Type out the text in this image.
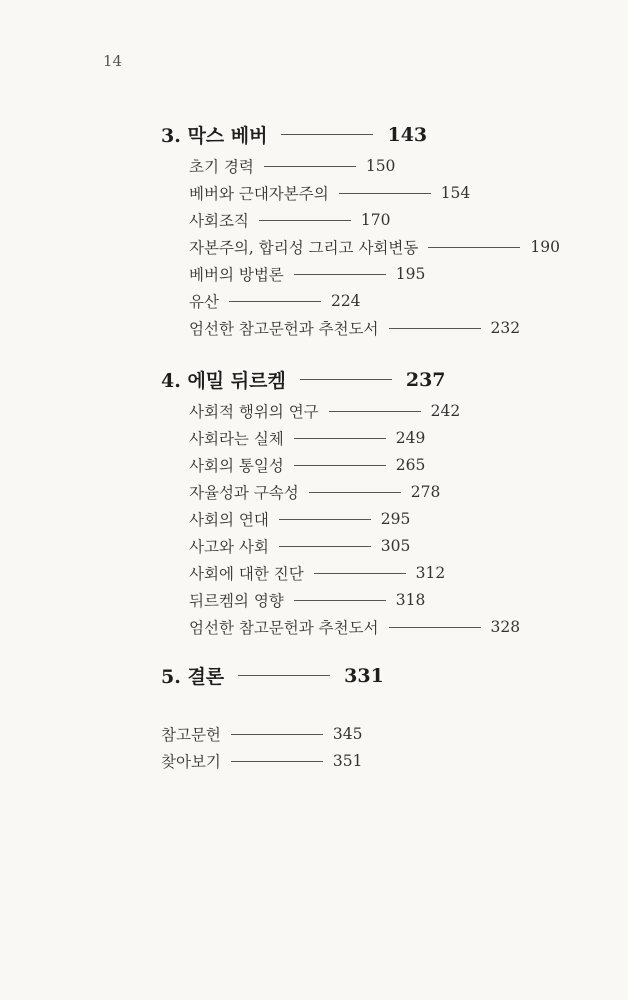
14
3. 막스 베버	143
초기 경력	150
베버와 근대자본주의	154
사회조직	170
자본주의, 합리성 그리고 사회변동	190
베버의 방법론	195
유산	224
엄선한 참고문헌과 추천도서	232
4. 에밀 뒤르켐	237
사회적 행위의 연구	242
사회라는 실체	249
사회의 통일성	265
자율성과 구속성	278
사회의 연대	295
사고와 사회	305
사회에 대한 진단	312
뒤르켐의 영향	318
엄선한 참고문헌과 추천도서	328
5. 결론	331
참고문헌	345
찾아보기	351
